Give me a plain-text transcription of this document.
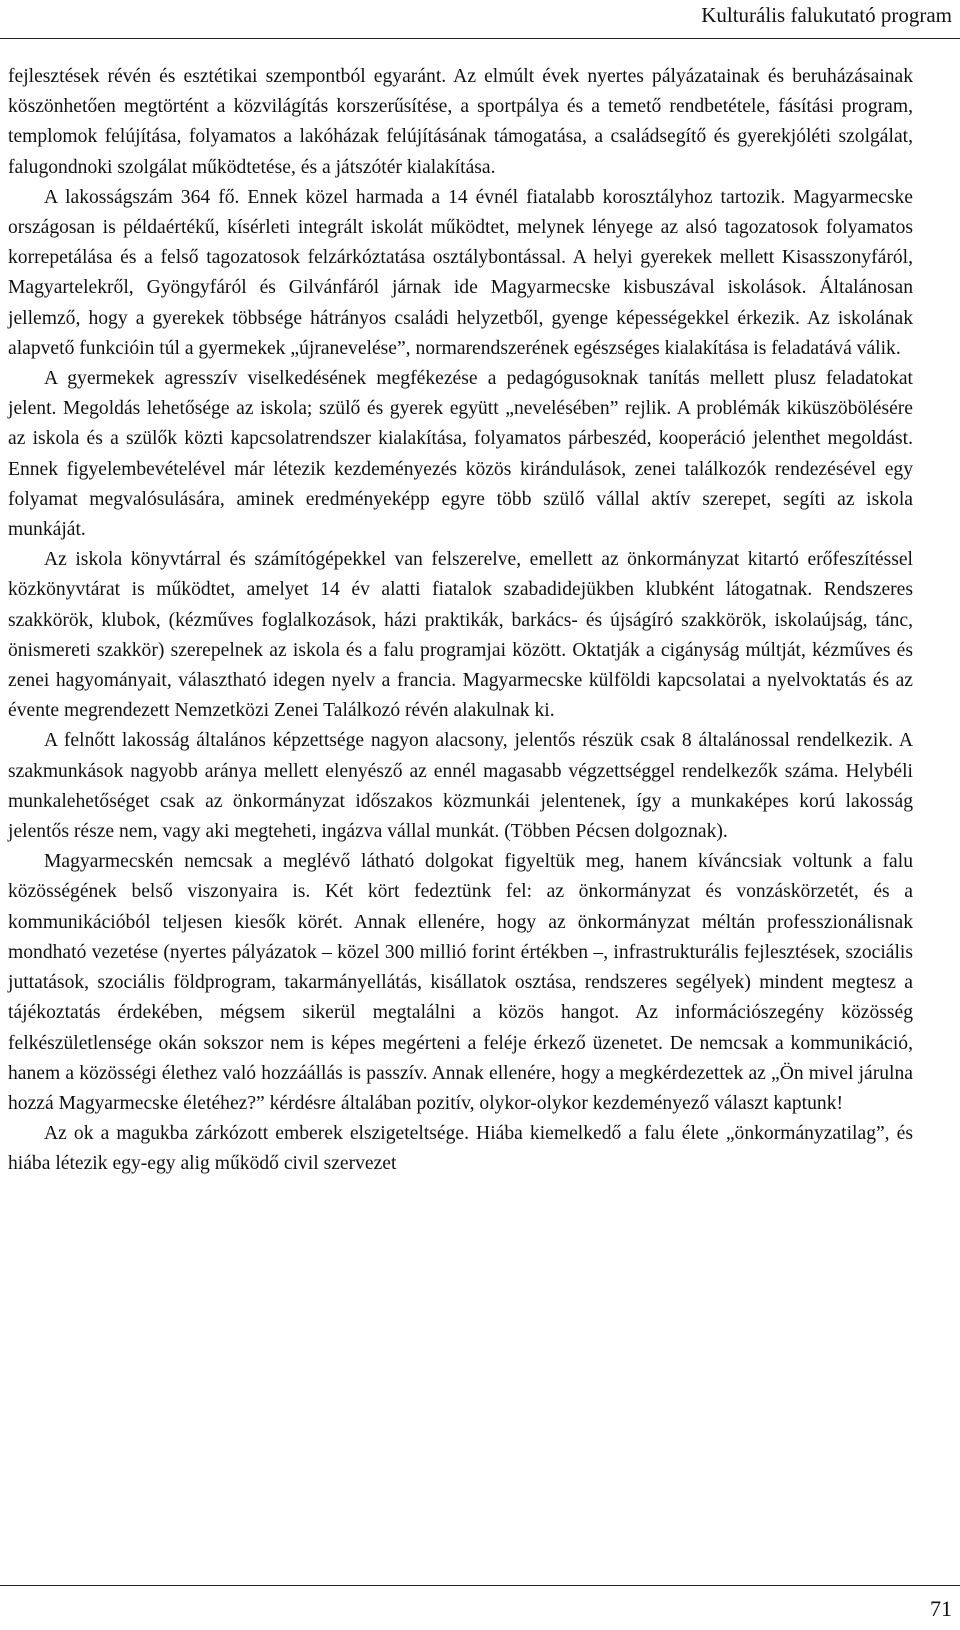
Kulturális falukutató program

fejlesztések révén és esztétikai szempontból egyaránt. Az elmúlt évek nyertes pályázatainak és beruházásainak köszönhetően megtörtént a közvilágítás korszerűsítése, a sportpálya és a temető rendbetétele, fásítási program, templomok felújítása, folyamatos a lakóházak felújításának támogatása, a családsegítő és gyerekjóléti szolgálat, falugondnoki szolgálat működtetése, és a játszótér kialakítása.

A lakosságszám 364 fő. Ennek közel harmada a 14 évnél fiatalabb korosztályhoz tartozik. Magyarmecske országosan is példaértékű, kísérleti integrált iskolát működtet, melynek lényege az alsó tagozatosok folyamatos korrepetálása és a felső tagozatosok felzárkóztatása osztálybontással. A helyi gyerekek mellett Kisasszonyfáról, Magyartelekről, Gyöngyfáról és Gilvánfáról járnak ide Magyarmecske kisbuszával iskolások. Általánosan jellemző, hogy a gyerekek többsége hátrányos családi helyzetből, gyenge képességekkel érkezik. Az iskolának alapvető funkcióin túl a gyermekek „újranevelése”, normarendszerének egészséges kialakítása is feladatává válik.

A gyermekek agresszív viselkedésének megfékezése a pedagógusoknak tanítás mellett plusz feladatokat jelent. Megoldás lehetősége az iskola; szülő és gyerek együtt „nevelésében” rejlik. A problémák kiküszöbölésére az iskola és a szülők közti kapcsolatrendszer kialakítása, folyamatos párbeszéd, kooperáció jelenthet megoldást. Ennek figyelembevételével már létezik kezdeményezés közös kirándulások, zenei találkozók rendezésével egy folyamat megvalósulására, aminek eredményeképp egyre több szülő vállal aktív szerepet, segíti az iskola munkáját.

Az iskola könyvtárral és számítógépekkel van felszerelve, emellett az önkormányzat kitartó erőfeszítéssel közkönyvtárat is működtet, amelyet 14 év alatti fiatalok szabadidejükben klubként látogatnak. Rendszeres szakkörök, klubok, (kézműves foglalkozások, házi praktikák, barkács- és újságíró szakkörök, iskolaújság, tánc, önismereti szakkör) szerepelnek az iskola és a falu programjai között. Oktatják a cigányság múltját, kézműves és zenei hagyományait, választható idegen nyelv a francia. Magyarmecske külföldi kapcsolatai a nyelvoktatás és az évente megrendezett Nemzetközi Zenei Találkozó révén alakulnak ki.

A felnőtt lakosság általános képzettsége nagyon alacsony, jelentős részük csak 8 általánossal rendelkezik. A szakmunkások nagyobb aránya mellett elenyésző az ennél magasabb végzettséggel rendelkezők száma. Helybéli munkalehetőséget csak az önkormányzat időszakos közmunkái jelentenek, így a munkaképes korú lakosság jelentős része nem, vagy aki megteheti, ingázva vállal munkát. (Többen Pécsen dolgoznak).

Magyarmecskén nemcsak a meglévő látható dolgokat figyeltük meg, hanem kíváncsiak voltunk a falu közösségének belső viszonyaira is. Két kört fedeztünk fel: az önkormányzat és vonzáskörzetét, és a kommunikációból teljesen kiesők körét. Annak ellenére, hogy az önkormányzat méltán professzionálisnak mondható vezetése (nyertes pályázatok – közel 300 millió forint értékben –, infrastrukturális fejlesztések, szociális juttatások, szociális földprogram, takarmányellátás, kisállatok osztása, rendszeres segélyek) mindent megtesz a tájékoztatás érdekében, mégsem sikerül megtalálni a közös hangot. Az információszegény közösség felkészületlensége okán sokszor nem is képes megérteni a feléje érkező üzenetet. De nemcsak a kommunikáció, hanem a közösségi élethez való hozzáállás is passzív. Annak ellenére, hogy a megkérdezettek az „Ön mivel járulna hozzá Magyarmecske életéhez?” kérdésre általában pozitív, olykor-olykor kezdeményező választ kaptunk!

Az ok a magukba zárkózott emberek elszigeteltsége. Hiába kiemelkedő a falu élete „önkormányzatilag”, és hiába létezik egy-egy alig működő civil szervezet

71
